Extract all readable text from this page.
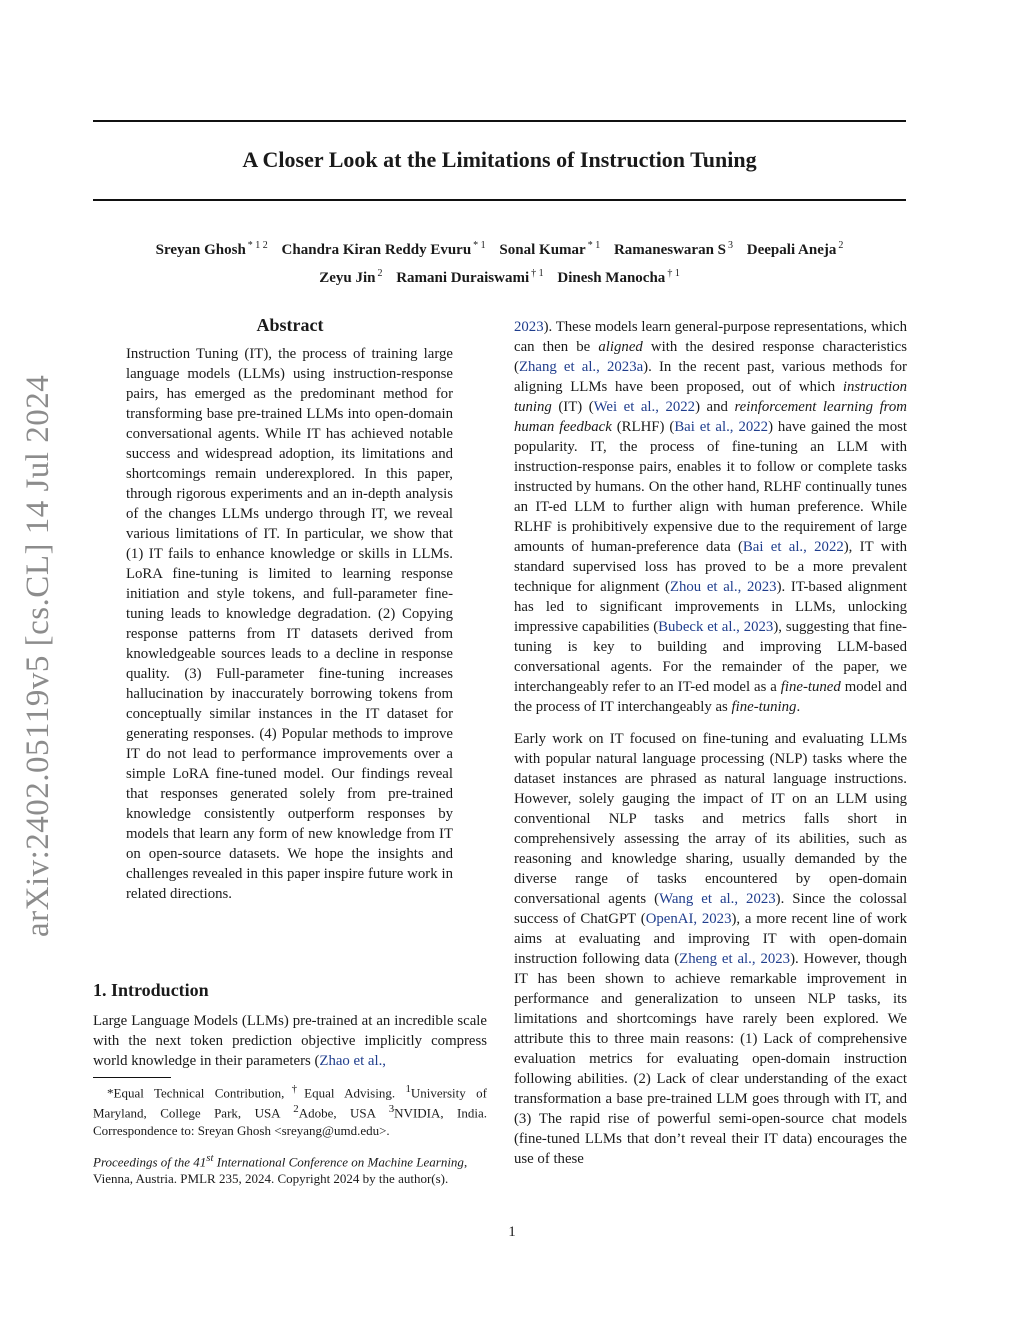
arXiv:2402.05119v5 [cs.CL] 14 Jul 2024
A Closer Look at the Limitations of Instruction Tuning
Sreyan Ghosh $^{* 1 2}$ Chandra Kiran Reddy Evuru $^{* 1}$ Sonal Kumar $^{* 1}$ Ramaneswaran S $^3$ Deepali Aneja $^2$
Zeyu Jin $^2$ Ramani Duraiswami $^{\dagger 1}$ Dinesh Manocha $^{\dagger 1}$
Abstract

Instruction Tuning (IT), the process of training large language models (LLMs) using instruction-response pairs, has emerged as the predominant method for transforming base pre-trained LLMs into open-domain conversational agents. While IT has achieved notable success and widespread adoption, its limitations and shortcomings remain underexplored. In this paper, through rigorous experiments and an in-depth analysis of the changes LLMs undergo through IT, we reveal various limitations of IT. In particular, we show that (1) IT fails to enhance knowledge or skills in LLMs. LoRA fine-tuning is limited to learning response initiation and style tokens, and full-parameter fine-tuning leads to knowledge degradation. (2) Copying response patterns from IT datasets derived from knowledgeable sources leads to a decline in response quality. (3) Full-parameter fine-tuning increases hallucination by inaccurately borrowing tokens from conceptually similar instances in the IT dataset for generating responses. (4) Popular methods to improve IT do not lead to performance improvements over a simple LoRA fine-tuned model. Our findings reveal that responses generated solely from pre-trained knowledge consistently outperform responses by models that learn any form of new knowledge from IT on open-source datasets. We hope the insights and challenges revealed in this paper inspire future work in related directions.

1. Introduction

Large Language Models (LLMs) pre-trained at an incredible scale with the next token prediction objective implicitly compress world knowledge in their parameters (Zhao et al.,

*Equal Technical Contribution,†Equal Advising. $^1$University of Maryland, College Park, USA $^2$Adobe, USA $^3$NVIDIA, India. Correspondence to: Sreyan Ghosh <sreyang@umd.edu>.

Proceedings of the 41st International Conference on Machine Learning, Vienna, Austria. PMLR 235, 2024. Copyright 2024 by the author(s).

2023). These models learn general-purpose representations, which can then be aligned with the desired response characteristics (Zhang et al., 2023a). In the recent past, various methods for aligning LLMs have been proposed, out of which instruction tuning (IT) (Wei et al., 2022) and reinforcement learning from human feedback (RLHF) (Bai et al., 2022) have gained the most popularity. IT, the process of fine-tuning an LLM with instruction-response pairs, enables it to follow or complete tasks instructed by humans. On the other hand, RLHF continually tunes an IT-ed LLM to further align with human preference. While RLHF is prohibitively expensive due to the requirement of large amounts of human-preference data (Bai et al., 2022), IT with standard supervised loss has proved to be a more prevalent technique for alignment (Zhou et al., 2023). IT-based alignment has led to significant improvements in LLMs, unlocking impressive capabilities (Bubeck et al., 2023), suggesting that fine-tuning is key to building and improving LLM-based conversational agents. For the remainder of the paper, we interchangeably refer to an IT-ed model as a fine-tuned model and the process of IT interchangeably as fine-tuning.

Early work on IT focused on fine-tuning and evaluating LLMs with popular natural language processing (NLP) tasks where the dataset instances are phrased as natural language instructions. However, solely gauging the impact of IT on an LLM using conventional NLP tasks and metrics falls short in comprehensively assessing the array of its abilities, such as reasoning and knowledge sharing, usually demanded by the diverse range of tasks encountered by open-domain conversational agents (Wang et al., 2023). Since the colossal success of ChatGPT (OpenAI, 2023), a more recent line of work aims at evaluating and improving IT with open-domain instruction following data (Zheng et al., 2023). However, though IT has been shown to achieve remarkable improvement in performance and generalization to unseen NLP tasks, its limitations and shortcomings have rarely been explored. We attribute this to three main reasons: (1) Lack of comprehensive evaluation metrics for evaluating open-domain instruction following abilities. (2) Lack of clear understanding of the exact transformation a base pre-trained LLM goes through with IT, and (3) The rapid rise of powerful semi-open-source chat models (fine-tuned LLMs that don’t reveal their IT data) encourages the use of these

1
